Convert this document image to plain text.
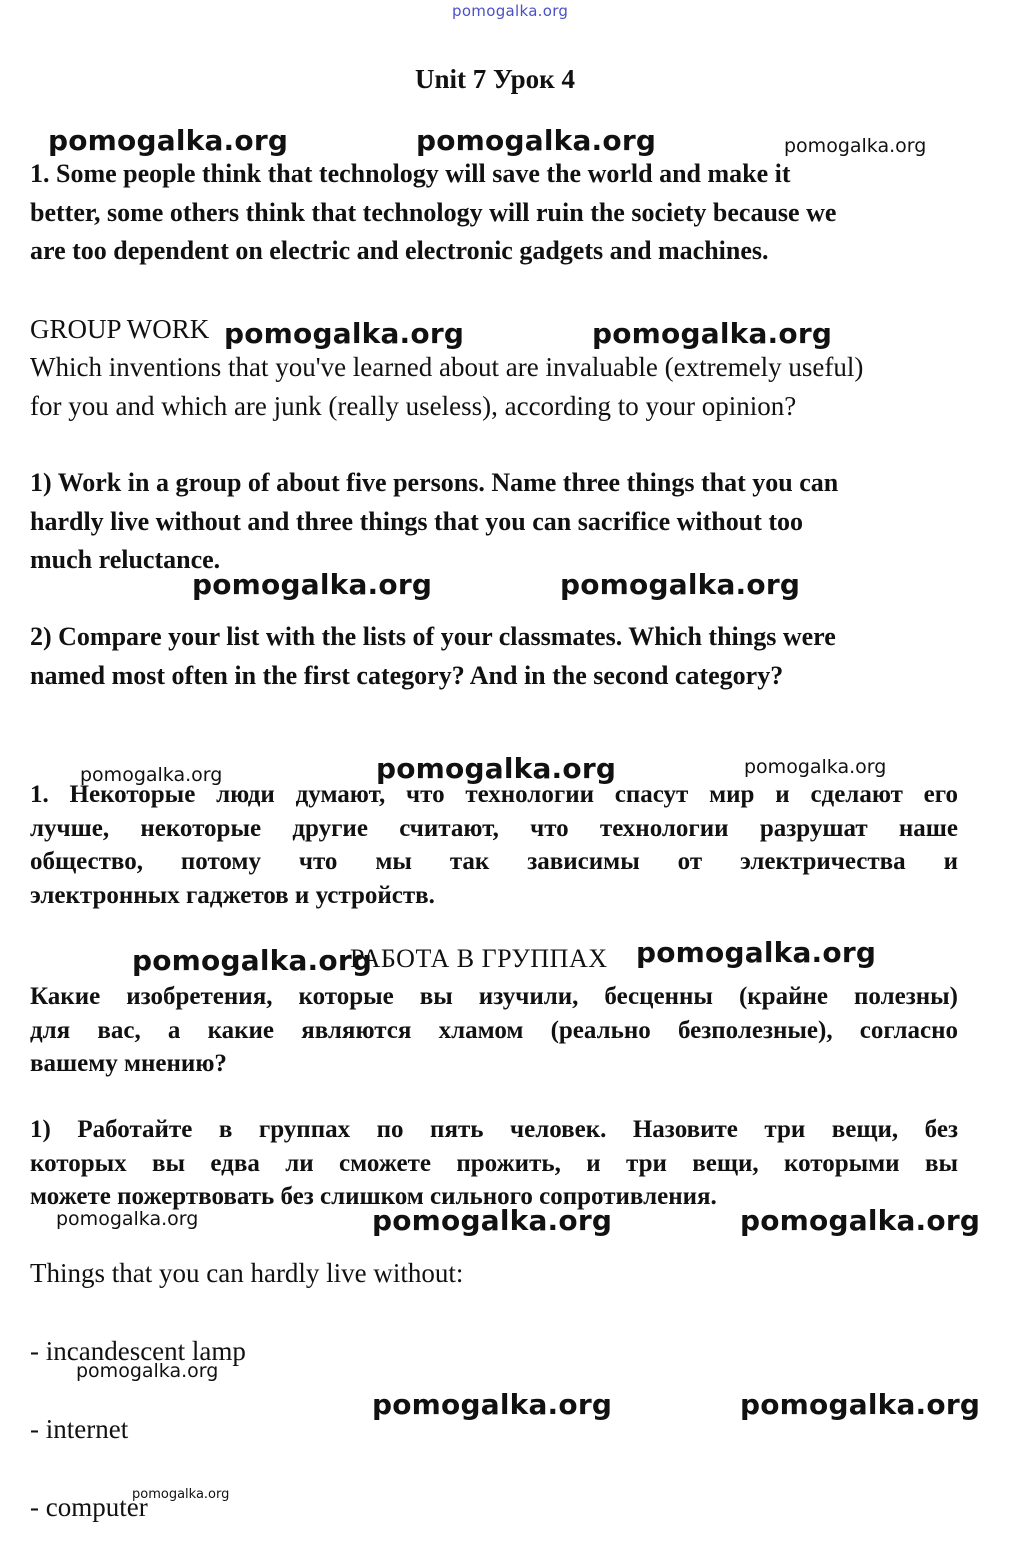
pomogalka.org
Unit 7 Урок 4
pomogalka.org	pomogalka.org	pomogalka.org
1. Some people think that technology will save the world and make it
better, some others think that technology will ruin the society because we
are too dependent on electric and electronic gadgets and machines.
GROUP WORK pomogalka.org	pomogalka.org
Which inventions that you've learned about are invaluable (extremely useful)
for you and which are junk (really useless), according to your opinion?
1) Work in a group of about five persons. Name three things that you can
hardly live without and three things that you can sacrifice without too
much reluctance.
pomogalka.org	pomogalka.org
2) Compare your list with the lists of your classmates. Which things were
named most often in the first category? And in the second category?
pomogalka.org	pomogalka.org	pomogalka.org
1. Некоторые люди думают, что технологии спасут мир и сделают его
лучше, некоторые другие считают, что технологии разрушат наше
общество, потому что мы так зависимы от электричества и
электронных гаджетов и устройств.
pomogalka.org
РАБОТА В ГРУППАХ pomogalka.org
Какие изобретения, которые вы изучили, бесценны (крайне полезны)
для вас, а какие являются хламом (реально безполезные), согласно
вашему мнению?
1) Работайте в группах по пять человек. Назовите три вещи, без
которых вы едва ли сможете прожить, и три вещи, которыми вы
можете пожертвовать без слишком сильного сопротивления.
pomogalka.org	pomogalka.org	pomogalka.org
Things that you can hardly live without:
- incandescent lamp
pomogalka.org
pomogalka.org	pomogalka.org
- internet
- computer
pomogalka.org
